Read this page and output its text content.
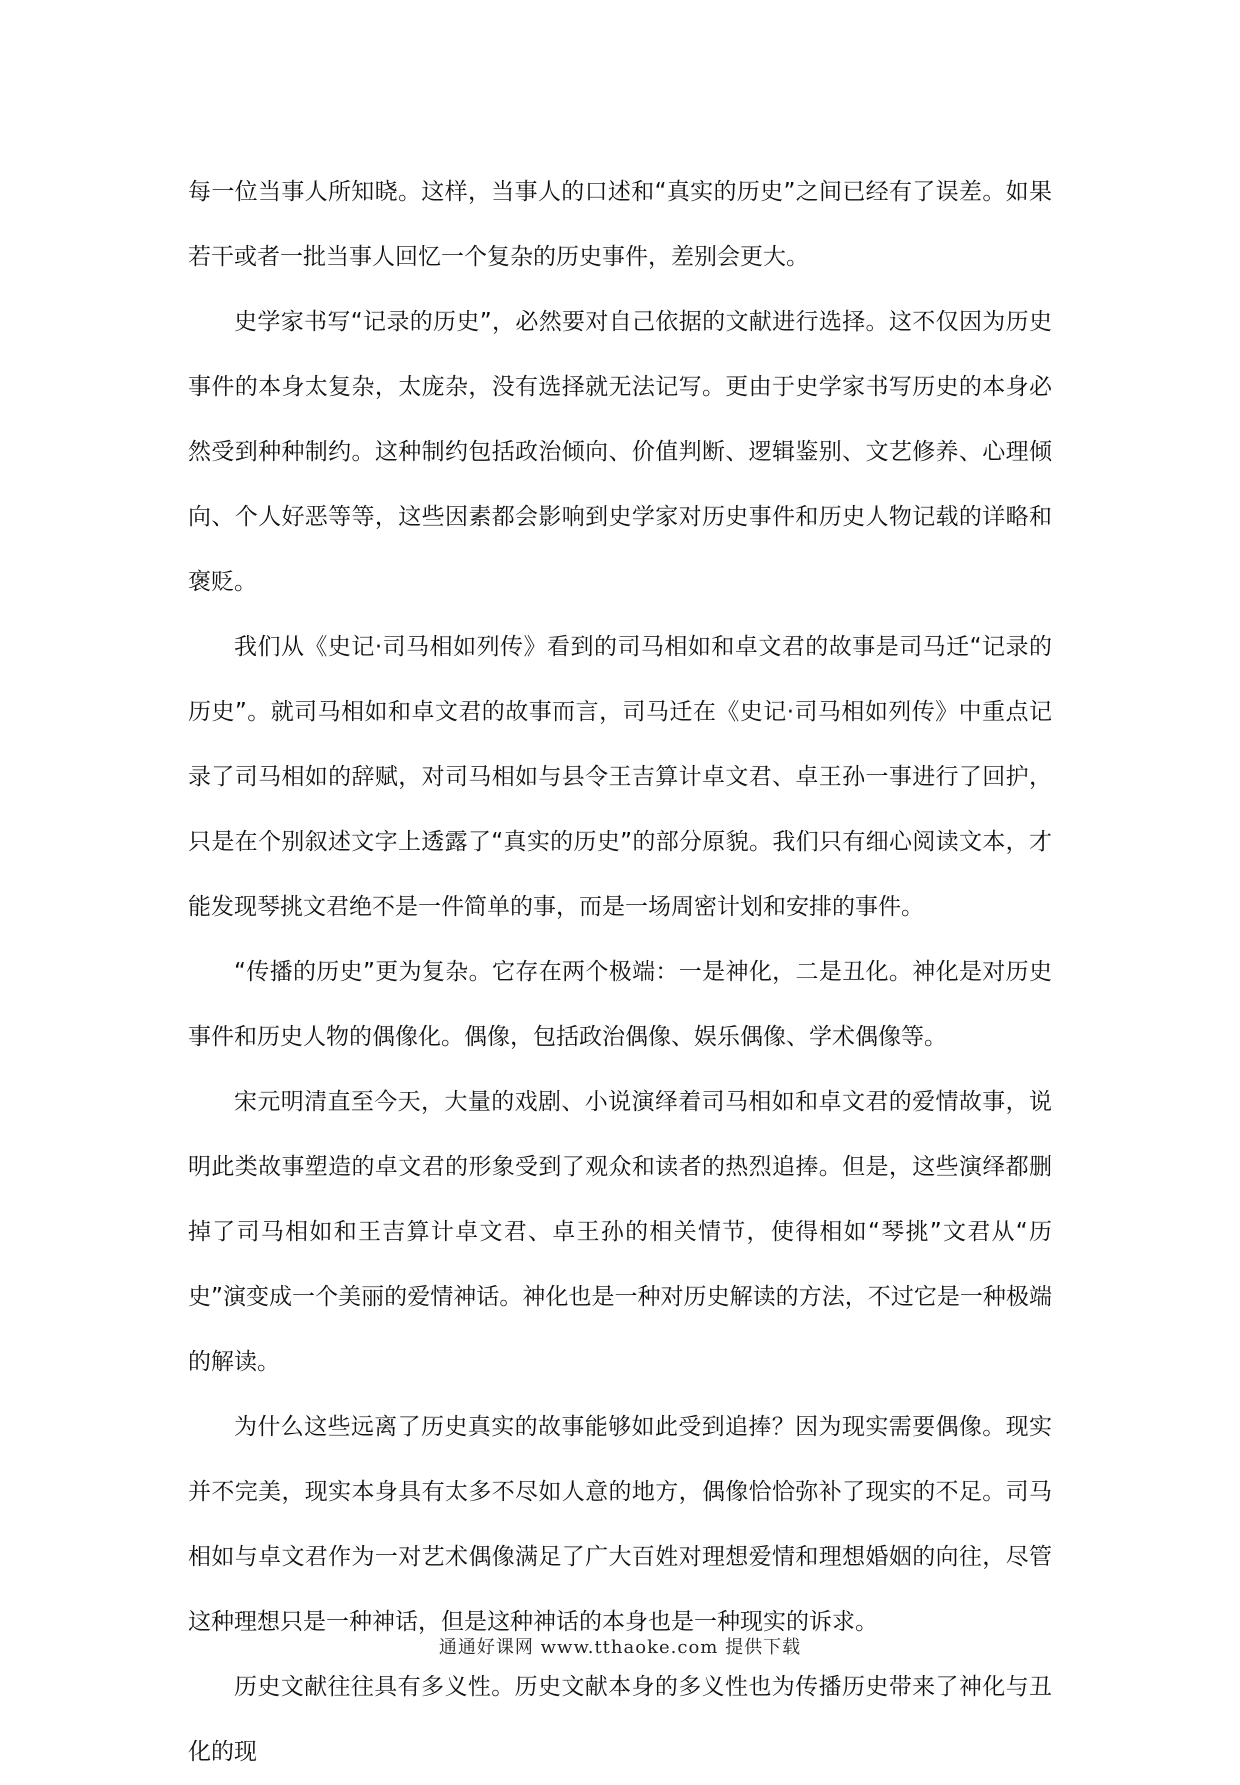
每一位当事人所知晓。这样，当事人的口述和“真实的历史”之间已经有了误差。如果若干或者一批当事人回忆一个复杂的历史事件，差别会更大。

史学家书写“记录的历史”，必然要对自己依据的文献进行选择。这不仅因为历史事件的本身太复杂，太庞杂，没有选择就无法记写。更由于史学家书写历史的本身必然受到种种制约。这种制约包括政治倾向、价值判断、逻辑鉴别、文艺修养、心理倾向、个人好恶等等，这些因素都会影响到史学家对历史事件和历史人物记载的详略和褒贬。

我们从《史记·司马相如列传》看到的司马相如和卓文君的故事是司马迁“记录的历史”。就司马相如和卓文君的故事而言，司马迁在《史记·司马相如列传》中重点记录了司马相如的辞赋，对司马相如与县令王吉算计卓文君、卓王孙一事进行了回护，只是在个别叙述文字上透露了“真实的历史”的部分原貌。我们只有细心阅读文本，才能发现琴挑文君绝不是一件简单的事，而是一场周密计划和安排的事件。

“传播的历史”更为复杂。它存在两个极端：一是神化，二是丑化。神化是对历史事件和历史人物的偶像化。偶像，包括政治偶像、娱乐偶像、学术偶像等。

宋元明清直至今天，大量的戏剧、小说演绎着司马相如和卓文君的爱情故事，说明此类故事塑造的卓文君的形象受到了观众和读者的热烈追捧。但是，这些演绎都删掉了司马相如和王吉算计卓文君、卓王孙的相关情节，使得相如“琴挑”文君从“历史”演变成一个美丽的爱情神话。神化也是一种对历史解读的方法，不过它是一种极端的解读。

为什么这些远离了历史真实的故事能够如此受到追捧？因为现实需要偶像。现实并不完美，现实本身具有太多不尽如人意的地方，偶像恰恰弥补了现实的不足。司马相如与卓文君作为一对艺术偶像满足了广大百姓对理想爱情和理想婚姻的向往，尽管这种理想只是一种神话，但是这种神话的本身也是一种现实的诉求。

历史文献往往具有多义性。历史文献本身的多义性也为传播历史带来了神化与丑化的现

通通好课网 www.tthaoke.com 提供下载
